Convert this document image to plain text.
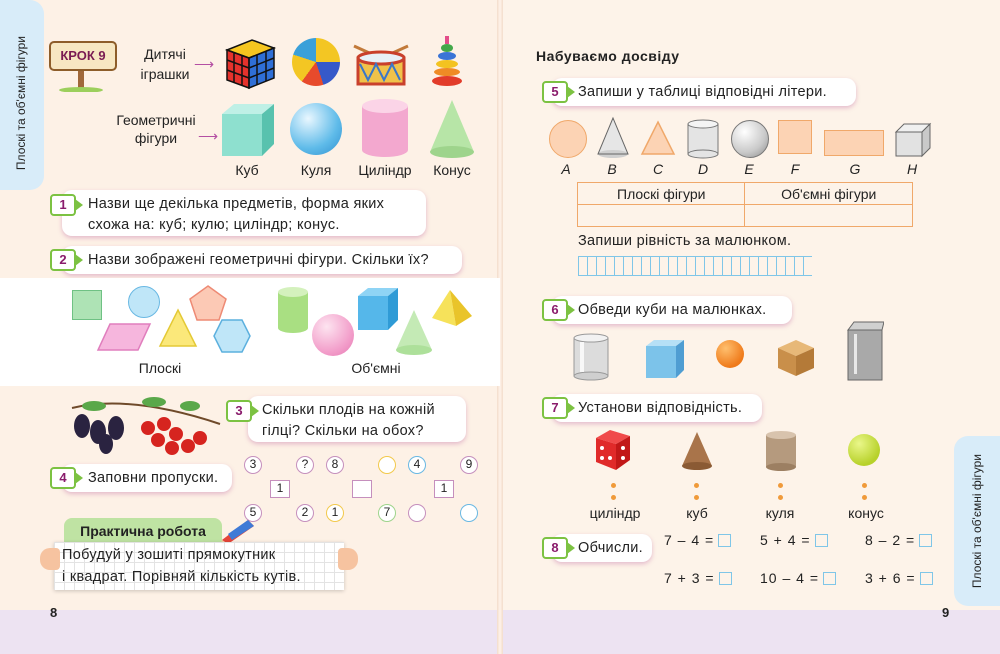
Плоскі та об'ємні фігури	КРОК 9	Дитячі
іграшки
⟶
Геометричні
фігури	⟶
Куб	Куля	Циліндр	Конус
Назви ще декілька предметів, форма яких
схожа на: куб; кулю; циліндр; конус.
1
Назви зображені геометричні фігури. Скільки їх?
2
Плоскі	Об'ємні
Скільки плодів на кожній
гілці? Скільки на обох?
3
Заповни пропуски.
4
3	?
1
5	2
8
1	7
4	9
1
Практична робота
Побудуй у зошиті прямокутник
і квадрат. Порівняй кількість кутів.
8
Набуваємо досвіду
Запиши у таблиці відповідні літери.
5
A	B	C	D	E	F	G	H
Плоскі фігури	Об'ємні фігури

Запиши рівність за малюнком.
Обведи куби на малюнках.
6
Установи відповідність.
7
циліндр	куб	куля	конус
Обчисли.
8	7 – 4 =	5 + 4 =	8 – 2 =
7 + 3 =	10 – 4 =	3 + 6 =	Плоскі та об'ємні фігури
9
